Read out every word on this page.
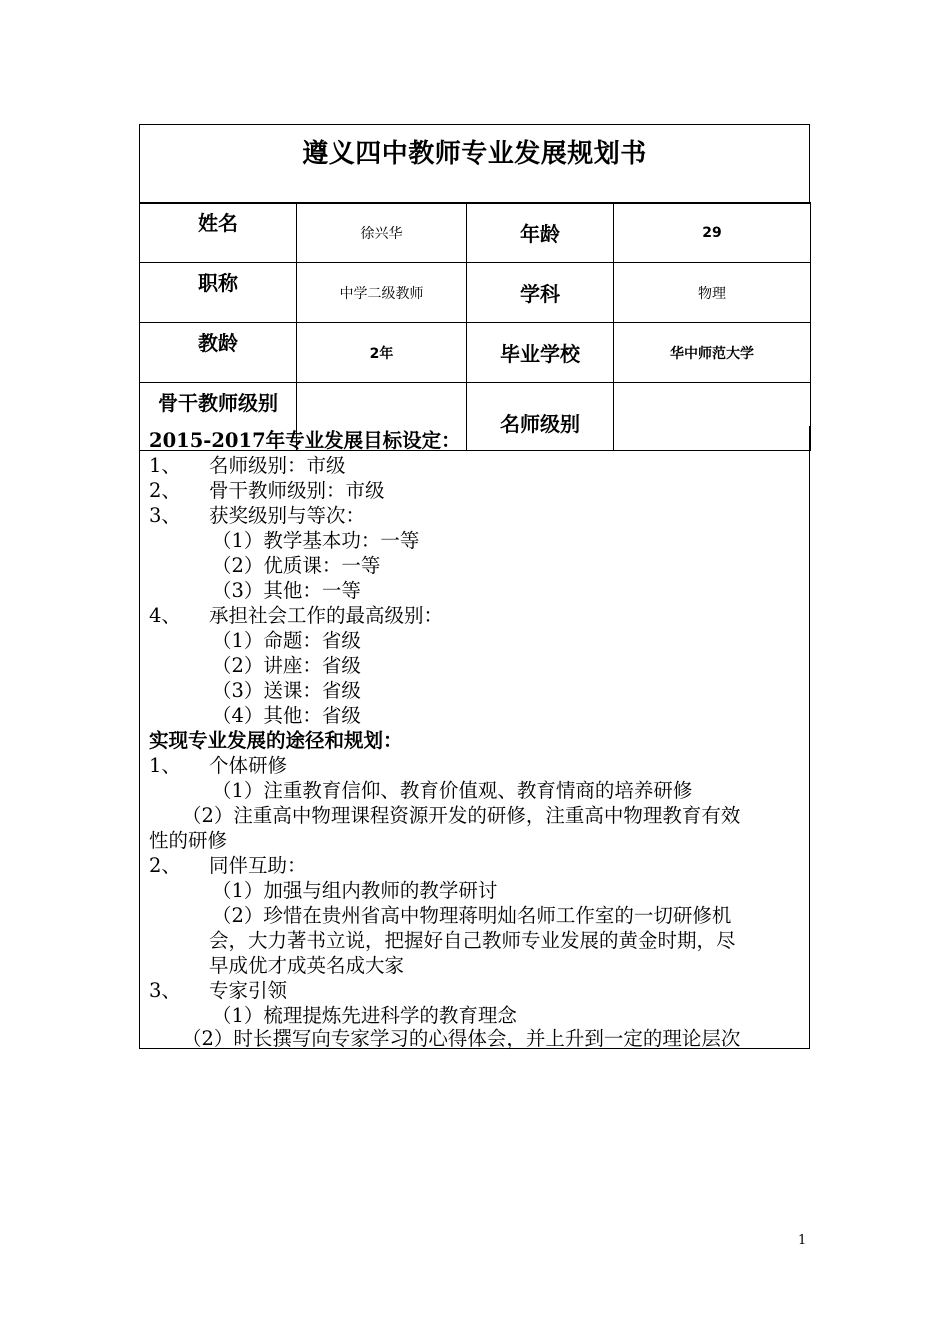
遵义四中教师专业发展规划书
姓名	徐兴华	年龄	29
职称	中学二级教师	学科	物理
教龄	2年	毕业学校	华中师范大学
骨干教师级别		名师级别	
2015-2017年专业发展目标设定：
1、 名师级别：市级
2、 骨干教师级别：市级
3、 获奖级别与等次：
（1）教学基本功：一等
（2）优质课：一等
（3）其他：一等
4、 承担社会工作的最高级别：
（1）命题：省级
（2）讲座：省级
（3）送课：省级
（4）其他：省级
实现专业发展的途径和规划：
1、 个体研修
（1）注重教育信仰、教育价值观、教育情商的培养研修
（2）注重高中物理课程资源开发的研修，注重高中物理教育有效
性的研修
2、 同伴互助：
（1）加强与组内教师的教学研讨
（2）珍惜在贵州省高中物理蒋明灿名师工作室的一切研修机
会，大力著书立说，把握好自己教师专业发展的黄金时期，尽
早成优才成英名成大家
3、 专家引领
（1）梳理提炼先进科学的教育理念
（2）时长撰写向专家学习的心得体会，并上升到一定的理论层次
1
